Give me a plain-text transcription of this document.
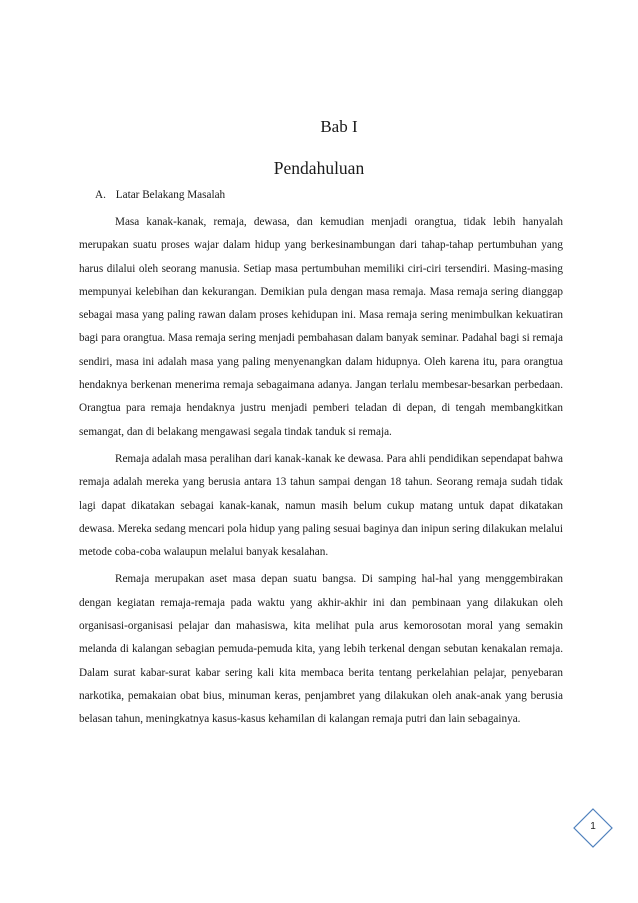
Bab I
Pendahuluan
A. Latar Belakang Masalah

Masa kanak-kanak, remaja, dewasa, dan kemudian menjadi orangtua, tidak lebih hanyalah merupakan suatu proses wajar dalam hidup yang berkesinambungan dari tahap-tahap pertumbuhan yang harus dilalui oleh seorang manusia. Setiap masa pertumbuhan memiliki ciri-ciri tersendiri. Masing-masing mempunyai kelebihan dan kekurangan. Demikian pula dengan masa remaja. Masa remaja sering dianggap sebagai masa yang paling rawan dalam proses kehidupan ini. Masa remaja sering menimbulkan kekuatiran bagi para orangtua. Masa remaja sering menjadi pembahasan dalam banyak seminar. Padahal bagi si remaja sendiri, masa ini adalah masa yang paling menyenangkan dalam hidupnya. Oleh karena itu, para orangtua hendaknya berkenan menerima remaja sebagaimana adanya. Jangan terlalu membesar-besarkan perbedaan. Orangtua para remaja hendaknya justru menjadi pemberi teladan di depan, di tengah membangkitkan semangat, dan di belakang mengawasi segala tindak tanduk si remaja.

Remaja adalah masa peralihan dari kanak-kanak ke dewasa. Para ahli pendidikan sependapat bahwa remaja adalah mereka yang berusia antara 13 tahun sampai dengan 18 tahun. Seorang remaja sudah tidak lagi dapat dikatakan sebagai kanak-kanak, namun masih belum cukup matang untuk dapat dikatakan dewasa. Mereka sedang mencari pola hidup yang paling sesuai baginya dan inipun sering dilakukan melalui metode coba-coba walaupun melalui banyak kesalahan.

Remaja merupakan aset masa depan suatu bangsa. Di samping hal-hal yang menggembirakan dengan kegiatan remaja-remaja pada waktu yang akhir-akhir ini dan pembinaan yang dilakukan oleh organisasi-organisasi pelajar dan mahasiswa, kita melihat pula arus kemorosotan moral yang semakin melanda di kalangan sebagian pemuda-pemuda kita, yang lebih terkenal dengan sebutan kenakalan remaja. Dalam surat kabar-surat kabar sering kali kita membaca berita tentang perkelahian pelajar, penyebaran narkotika, pemakaian obat bius, minuman keras, penjambret yang dilakukan oleh anak-anak yang berusia belasan tahun, meningkatnya kasus-kasus kehamilan di kalangan remaja putri dan lain sebagainya.

1
